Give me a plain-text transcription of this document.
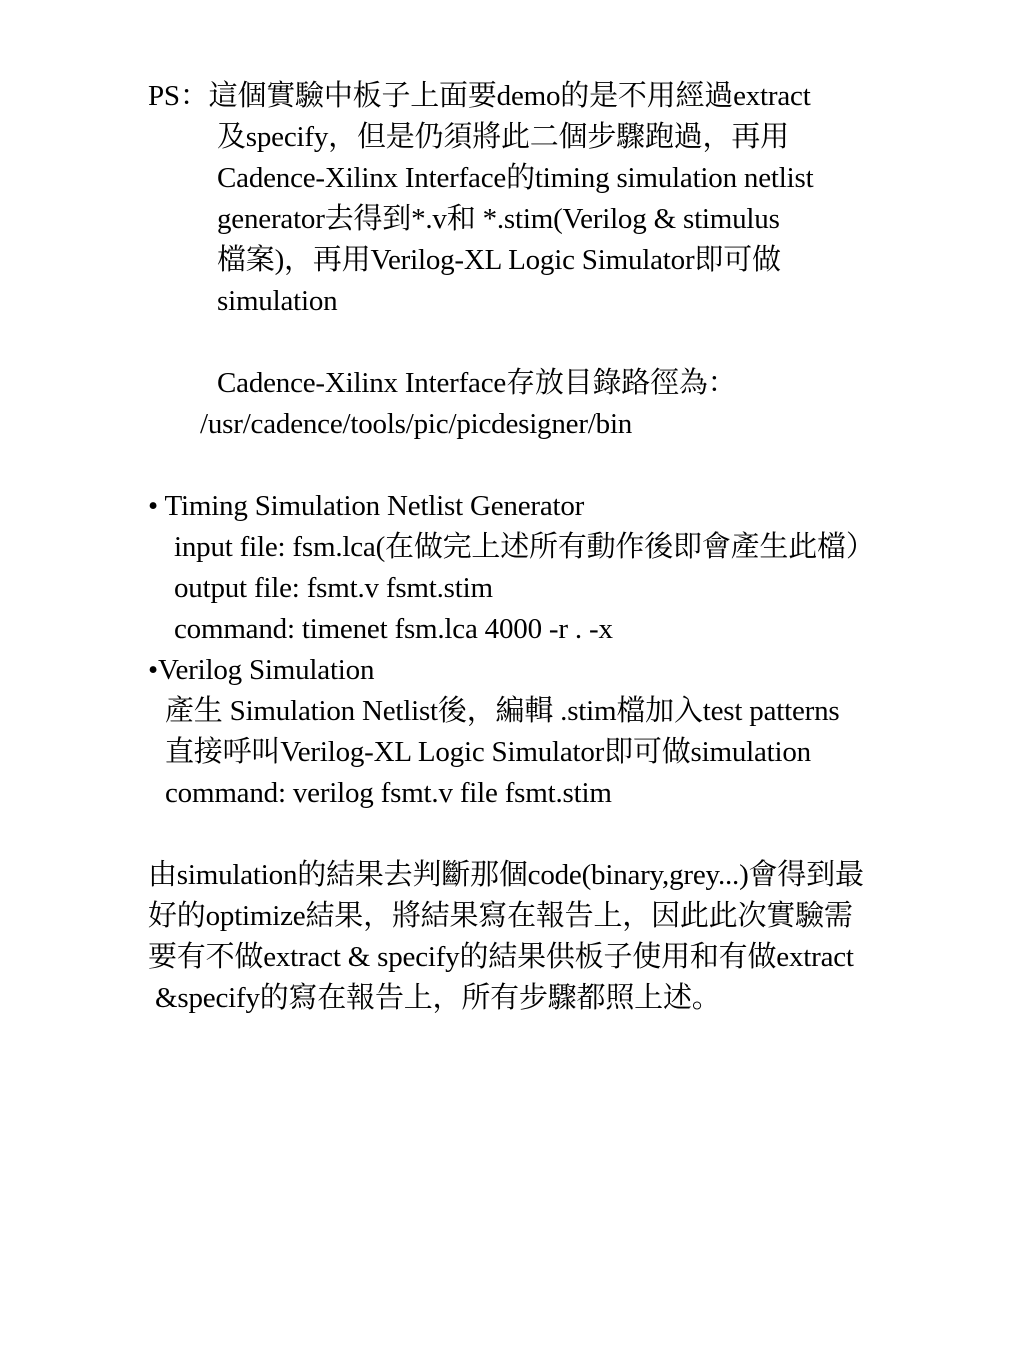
PS：這個實驗中板子上面要demo的是不用經過extract
及specify，但是仍須將此二個步驟跑過，再用
Cadence-Xilinx Interface的timing simulation netlist
generator去得到*.v和 *.stim(Verilog & stimulus
檔案)，再用Verilog-XL Logic Simulator即可做
simulation
Cadence-Xilinx Interface存放目錄路徑為：
/usr/cadence/tools/pic/picdesigner/bin
• Timing Simulation Netlist Generator
input file: fsm.lca(在做完上述所有動作後即會產生此檔）
output file: fsmt.v fsmt.stim
command: timenet fsm.lca 4000 -r . -x
•Verilog Simulation
產生 Simulation Netlist後，編輯 .stim檔加入test patterns
直接呼叫Verilog-XL Logic Simulator即可做simulation
command: verilog fsmt.v file fsmt.stim
由simulation的結果去判斷那個code(binary,grey...)會得到最
好的optimize結果，將結果寫在報告上，因此此次實驗需
要有不做extract & specify的結果供板子使用和有做extract
&specify的寫在報告上，所有步驟都照上述。
